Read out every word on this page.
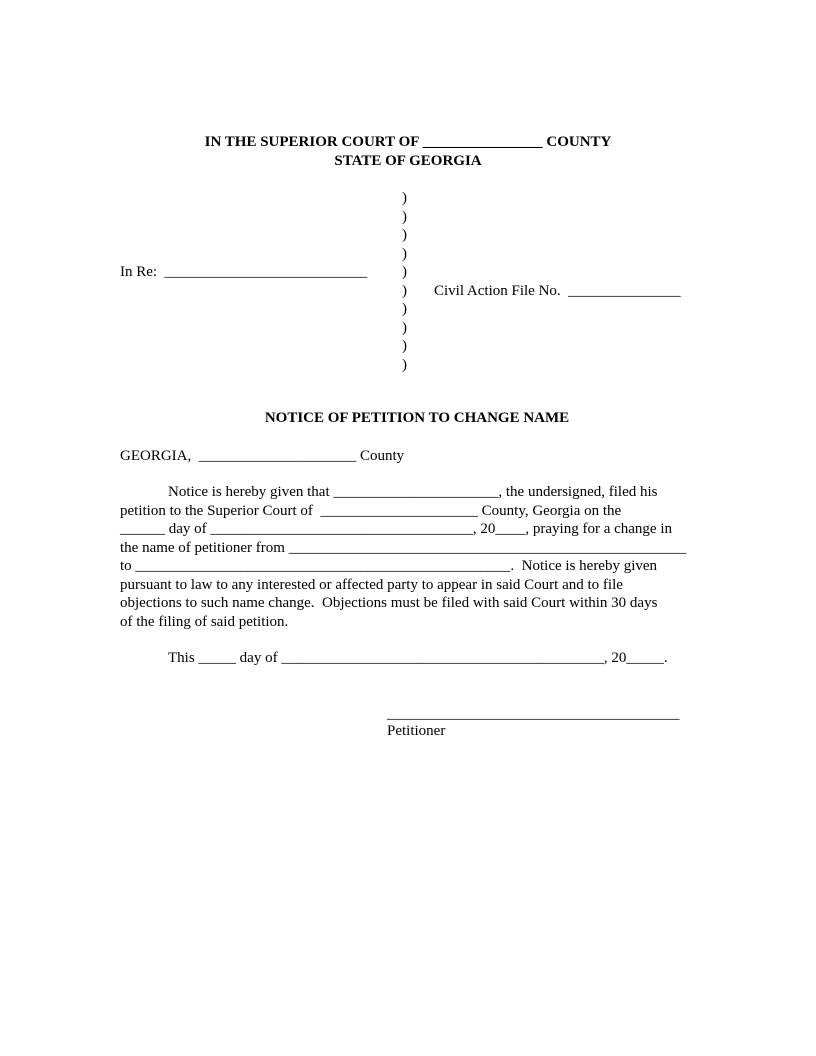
IN THE SUPERIOR COURT OF ________________ COUNTY
STATE OF GEORGIA
)
)
)
)
)
)
)
)
)
)
In Re:  ___________________________
Civil Action File No.  _______________
NOTICE OF PETITION TO CHANGE NAME
GEORGIA,  _____________________ County
Notice is hereby given that ______________________, the undersigned, filed his
petition to the Superior Court of  _____________________ County, Georgia on the
______ day of ___________________________________, 20____, praying for a change in
the name of petitioner from _____________________________________________________
to __________________________________________________.  Notice is hereby given
pursuant to law to any interested or affected party to appear in said Court and to file
objections to such name change.  Objections must be filed with said Court within 30 days
of the filing of said petition.
This _____ day of ___________________________________________, 20_____.
_______________________________________
Petitioner
